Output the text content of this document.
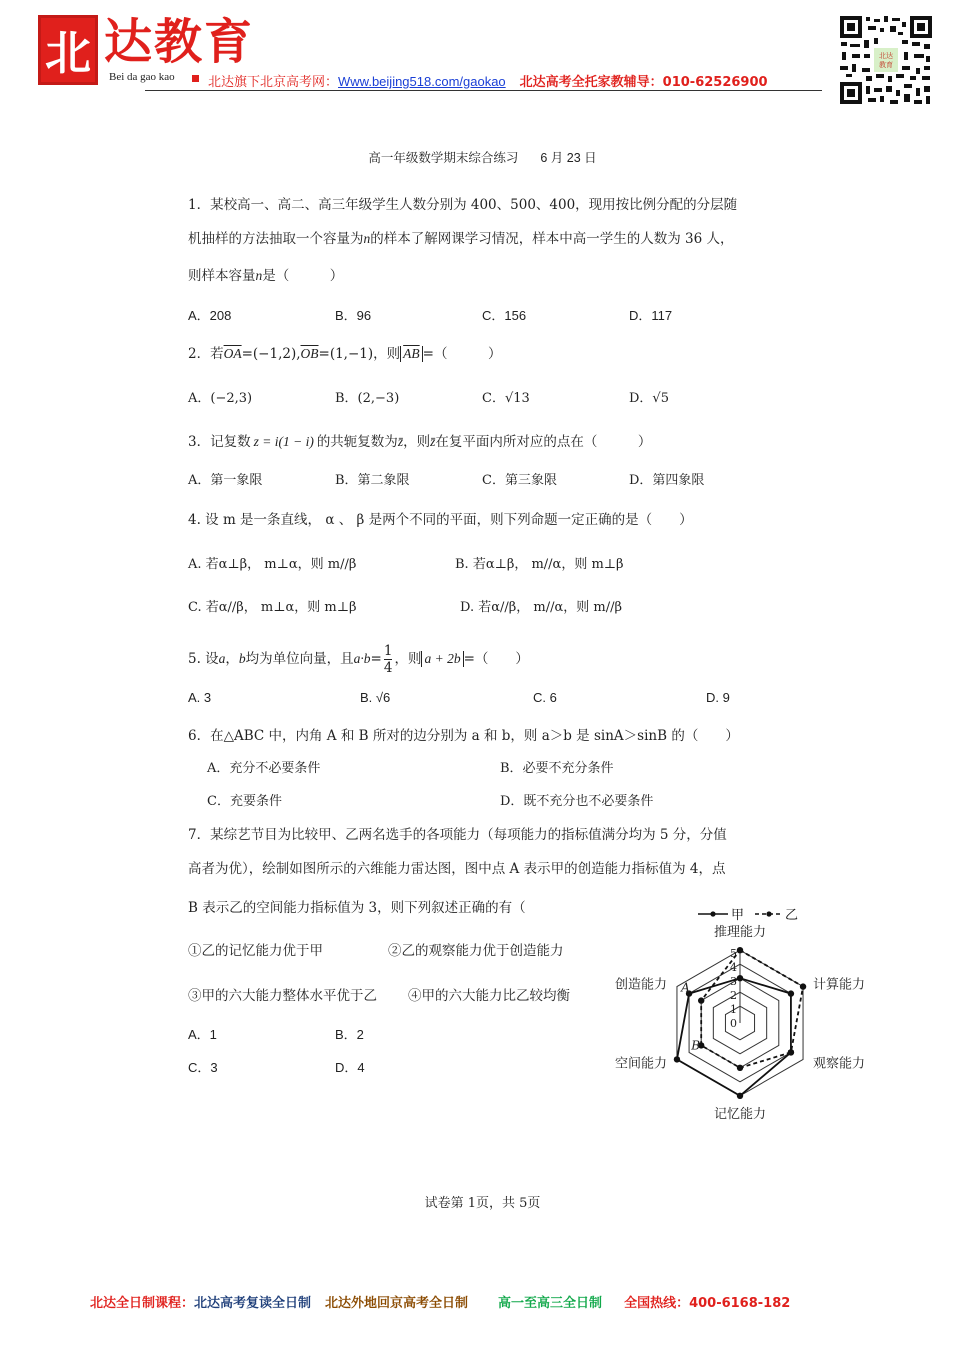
北 达教育
Bei da gao kao	北达旗下北京高考网：Www.beijing518.com/gaokao 北达高考全托家教辅导：010-62526900
北达
教育
高一年级数学期末综合练习 6 月 23 日
1．某校高一、高二、高三年级学生人数分别为 400、500、400，现用按比例分配的分层随
机抽样的方法抽取一个容量为n的样本了解网课学习情况，样本中高一学生的人数为 36 人，
则样本容量n是（　　　）
A．208	B．96	C．156	D．117
2．若$\overline{OA}=(-1,2),\overline{OB}=(1,-1)$，则 $\overline{AB}$ =（　　　）
A．(−2,3)	B．(2,−3)	C．√13	D．√5
3．记复数 z = i(1 − i) 的共轭复数为z̄，则z̄在复平面内所对应的点在（　　　）
A．第一象限	B．第二象限	C．第三象限	D．第四象限
4. 设 m 是一条直线， α 、 β 是两个不同的平面，则下列命题一定正确的是（　　）
A. 若α⊥β， m⊥α，则 m//β	B. 若α⊥β， m//α，则 m⊥β
C. 若α//β， m⊥α，则 m⊥β	D. 若α//β， m//α，则 m//β
5. 设a，b均为单位向量，且$a\cdot b= \frac{1}{4}$ ，则 a + 2b =（　　）
A. 3	B. √6	C. 6	D. 9
6．在△ABC 中，内角 A 和 B 所对的边分别为 a 和 b，则 a＞b 是 sinA＞sinB 的（　　）
A．充分不必要条件	B．必要不充分条件
C．充要条件	D．既不充分也不必要条件
7．某综艺节目为比较甲、乙两名选手的各项能力（每项能力的指标值满分均为 5 分，分值
高者为优），绘制如图所示的六维能力雷达图，图中点 A 表示甲的创造能力指标值为 4，点
B 表示乙的空间能力指标值为 3，则下列叙述正确的有（
①乙的记忆能力优于甲	②乙的观察能力优于创造能力
③甲的六大能力整体水平优于乙 ④甲的六大能力比乙较均衡
A．1	B．2
C．3	D．4
0
1
2
3
4
5
推理能力
计算能力
观察能力
记忆能力
空间能力
创造能力 A
B
甲	乙
试卷第 1页，共 5页
北达全日制课程：北达高考复读全日制 北达外地回京高考全日制 高一至高三全日制 全国热线：400-6168-182
